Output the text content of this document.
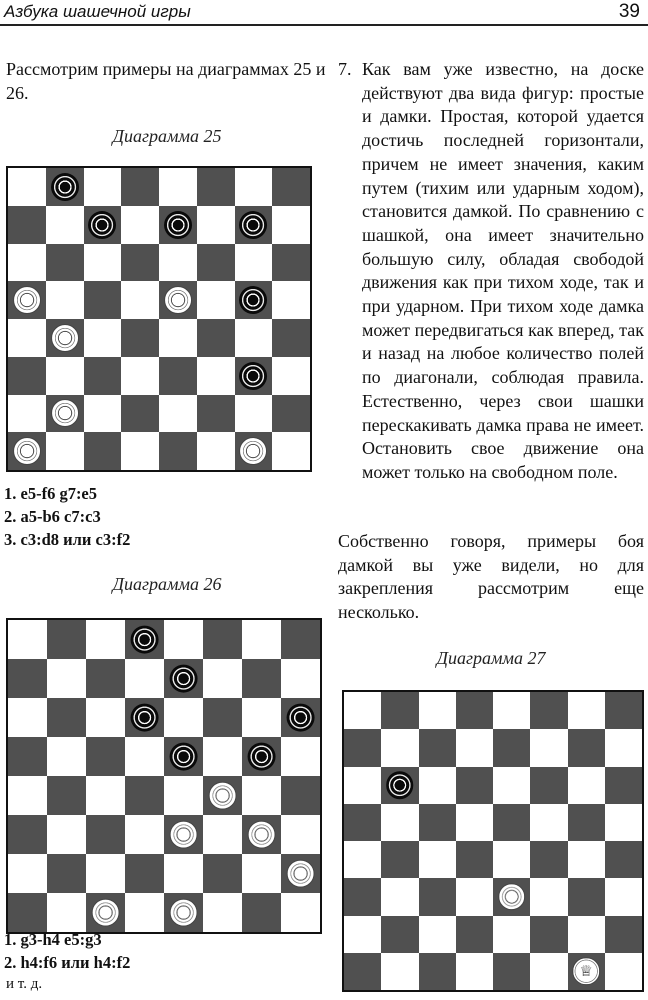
Азбука шашечной игры	39
Рассмотрим примеры на диаграммах 25 и 26.
Диаграмма 25
1. e5-f6 g7:e5
2. a5-b6 c7:c3
3. c3:d8 или c3:f2
Диаграмма 26
1. g3-h4 e5:g3
2. h4:f6 или h4:f2
и т. д.
7. Как вам уже известно, на доске действуют два вида фигур: простые и дамки. Простая, которой удается достичь последней горизонтали, причем не имеет значения, каким путем (тихим или ударным ходом), становится дамкой. По сравнению с шашкой, она имеет значительно большую силу, обладая свободой движения как при тихом ходе, так и при ударном. При тихом ходе дамка может передвигаться как вперед, так и назад на любое количество полей по диагонали, соблюдая правила. Естественно, через свои шашки перескакивать дамка права не имеет. Остановить свое движение она может только на свободном поле.
Собственно говоря, примеры боя дамкой вы уже видели, но для закрепления рассмотрим еще несколько.
Диаграмма 27
♕
